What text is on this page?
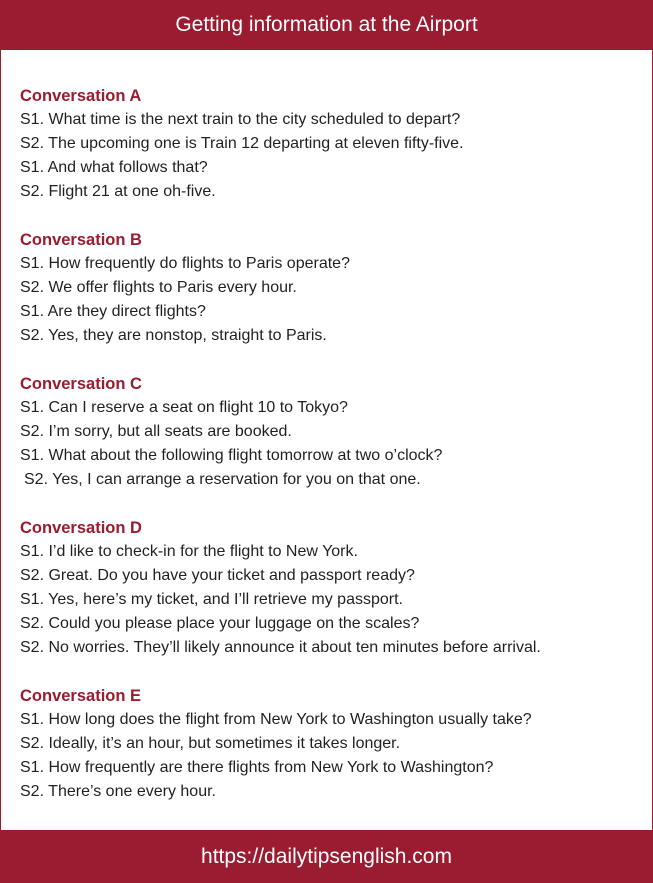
Getting information at the Airport
Conversation A
S1. What time is the next train to the city scheduled to depart?
S2. The upcoming one is Train 12 departing at eleven fifty-five.
S1. And what follows that?
S2. Flight 21 at one oh-five.
Conversation B
S1. How frequently do flights to Paris operate?
S2. We offer flights to Paris every hour.
S1. Are they direct flights?
S2. Yes, they are nonstop, straight to Paris.
Conversation C
S1. Can I reserve a seat on flight 10 to Tokyo?
S2. I’m sorry, but all seats are booked.
S1. What about the following flight tomorrow at two o’clock?
S2. Yes, I can arrange a reservation for you on that one.
Conversation D
S1. I’d like to check-in for the flight to New York.
S2. Great. Do you have your ticket and passport ready?
S1. Yes, here’s my ticket, and I’ll retrieve my passport.
S2. Could you please place your luggage on the scales?
S2. No worries. They’ll likely announce it about ten minutes before arrival.
Conversation E
S1. How long does the flight from New York to Washington usually take?
S2. Ideally, it’s an hour, but sometimes it takes longer.
S1. How frequently are there flights from New York to Washington?
S2. There’s one every hour.
https://dailytipsenglish.com
